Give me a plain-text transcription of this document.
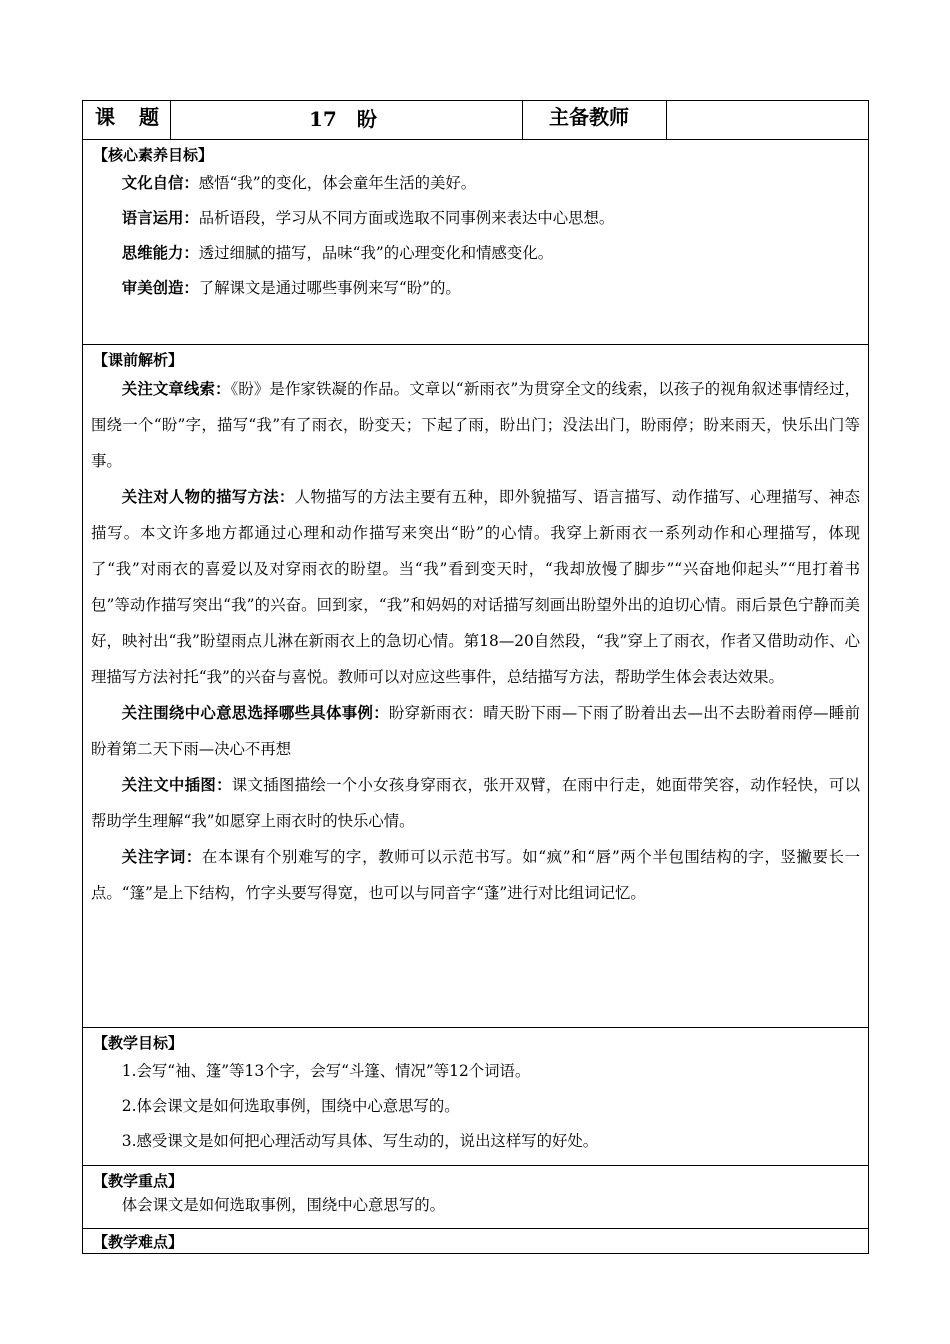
课　题	17　盼	主备教师	

【核心素养目标】

文化自信：感悟“我”的变化，体会童年生活的美好。

语言运用：品析语段，学习从不同方面或选取不同事例来表达中心思想。

思维能力：透过细腻的描写，品味“我”的心理变化和情感变化。

审美创造：了解课文是通过哪些事例来写“盼”的。

【课前解析】

关注文章线索：《盼》是作家铁凝的作品。文章以“新雨衣”为贯穿全文的线索，以孩子的视角叙述事情经过，围绕一个“盼”字，描写“我”有了雨衣，盼变天；下起了雨，盼出门；没法出门，盼雨停；盼来雨天，快乐出门等事。

关注对人物的描写方法：人物描写的方法主要有五种，即外貌描写、语言描写、动作描写、心理描写、神态描写。本文许多地方都通过心理和动作描写来突出“盼”的心情。我穿上新雨衣一系列动作和心理描写，体现了“我”对雨衣的喜爱以及对穿雨衣的盼望。当“我”看到变天时，“我却放慢了脚步”“兴奋地仰起头”“甩打着书包”等动作描写突出“我”的兴奋。回到家，“我”和妈妈的对话描写刻画出盼望外出的迫切心情。雨后景色宁静而美好，映衬出“我”盼望雨点儿淋在新雨衣上的急切心情。第18—20自然段，“我”穿上了雨衣，作者又借助动作、心理描写方法衬托“我”的兴奋与喜悦。教师可以对应这些事件，总结描写方法，帮助学生体会表达效果。

关注围绕中心意思选择哪些具体事例：盼穿新雨衣：晴天盼下雨—下雨了盼着出去—出不去盼着雨停—睡前盼着第二天下雨—决心不再想

关注文中插图：课文插图描绘一个小女孩身穿雨衣，张开双臂，在雨中行走，她面带笑容，动作轻快，可以帮助学生理解“我”如愿穿上雨衣时的快乐心情。

关注字词：在本课有个别难写的字，教师可以示范书写。如“疯”和“唇”两个半包围结构的字，竖撇要长一点。“篷”是上下结构，竹字头要写得宽，也可以与同音字“蓬”进行对比组词记忆。

【教学目标】

1.会写“袖、篷”等13个字，会写“斗篷、情况”等12个词语。

2.体会课文是如何选取事例，围绕中心意思写的。

3.感受课文是如何把心理活动写具体、写生动的，说出这样写的好处。

【教学重点】

体会课文是如何选取事例，围绕中心意思写的。

【教学难点】
